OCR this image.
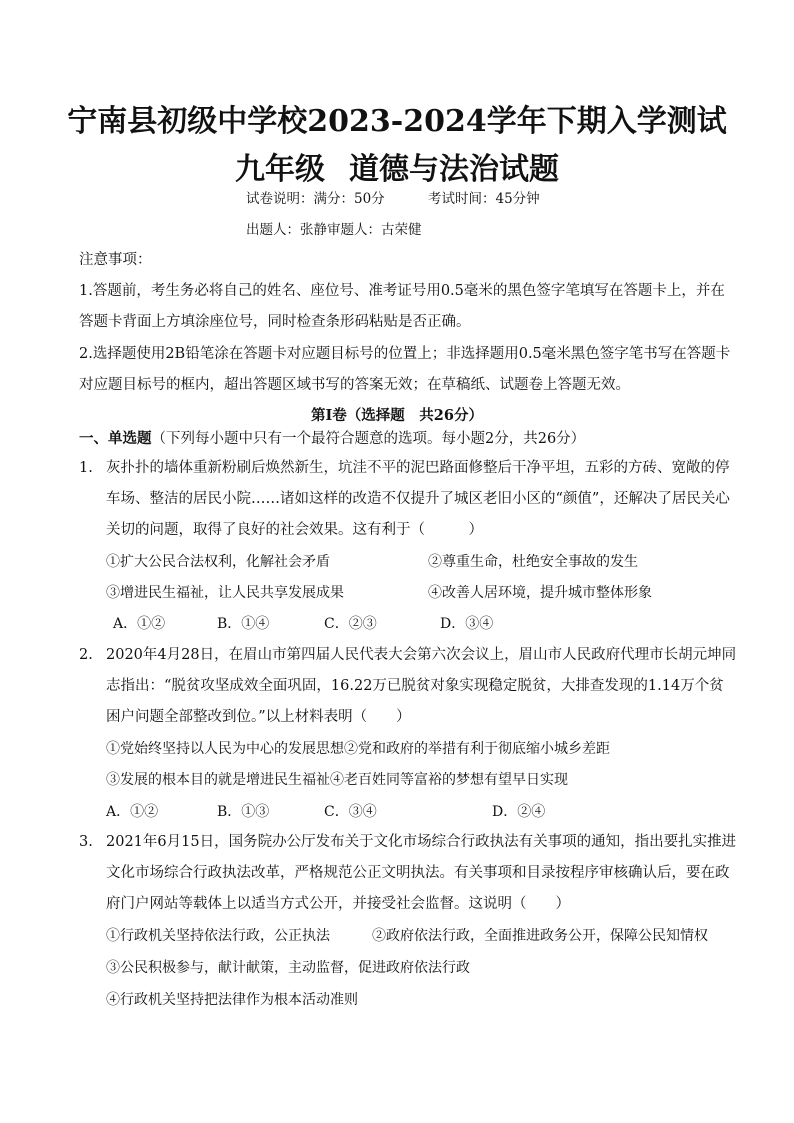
宁南县初级中学校2023-2024学年下期入学测试
九年级 道德与法治试题
试卷说明：满分：50分	考试时间：45分钟
出题人：张静审题人：古荣健
注意事项：
1.答题前，考生务必将自己的姓名、座位号、准考证号用0.5毫米的黑色签字笔填写在答题卡上，并在
答题卡背面上方填涂座位号，同时检查条形码粘贴是否正确。
2.选择题使用2B铅笔涂在答题卡对应题目标号的位置上；非选择题用0.5毫米黑色签字笔书写在答题卡
对应题目标号的框内，超出答题区域书写的答案无效；在草稿纸、试题卷上答题无效。
第Ⅰ卷（选择题　共26分）
一、单选题（下列每小题中只有一个最符合题意的选项。每小题2分，共26分）
1. 灰扑扑的墙体重新粉刷后焕然新生，坑洼不平的泥巴路面修整后干净平坦，五彩的方砖、宽敞的停
车场、整洁的居民小院……诸如这样的改造不仅提升了城区老旧小区的“颜值”，还解决了居民关心
关切的问题，取得了良好的社会效果。这有利于（　　　）
①扩大公民合法权利，化解社会矛盾	②尊重生命，杜绝安全事故的发生
③增进民生福祉，让人民共享发展成果	④改善人居环境，提升城市整体形象
A．①②	B．①④	C．②③	D．③④
2. 2020年4月28日，在眉山市第四届人民代表大会第六次会议上，眉山市人民政府代理市长胡元坤同
志指出：“脱贫攻坚成效全面巩固，16.22万已脱贫对象实现稳定脱贫，大排查发现的1.14万个贫
困户问题全部整改到位。”以上材料表明（　　）
①党始终坚持以人民为中心的发展思想②党和政府的举措有利于彻底缩小城乡差距
③发展的根本目的就是增进民生福祉④老百姓同等富裕的梦想有望早日实现
A．①②	B．①③	C．③④	D．②④
3. 2021年6月15日，国务院办公厅发布关于文化市场综合行政执法有关事项的通知，指出要扎实推进
文化市场综合行政执法改革，严格规范公正文明执法。有关事项和目录按程序审核确认后，要在政
府门户网站等载体上以适当方式公开，并接受社会监督。这说明（　　）
①行政机关坚持依法行政，公正执法	②政府依法行政，全面推进政务公开，保障公民知情权
③公民积极参与，献计献策，主动监督，促进政府依法行政
④行政机关坚持把法律作为根本活动准则
